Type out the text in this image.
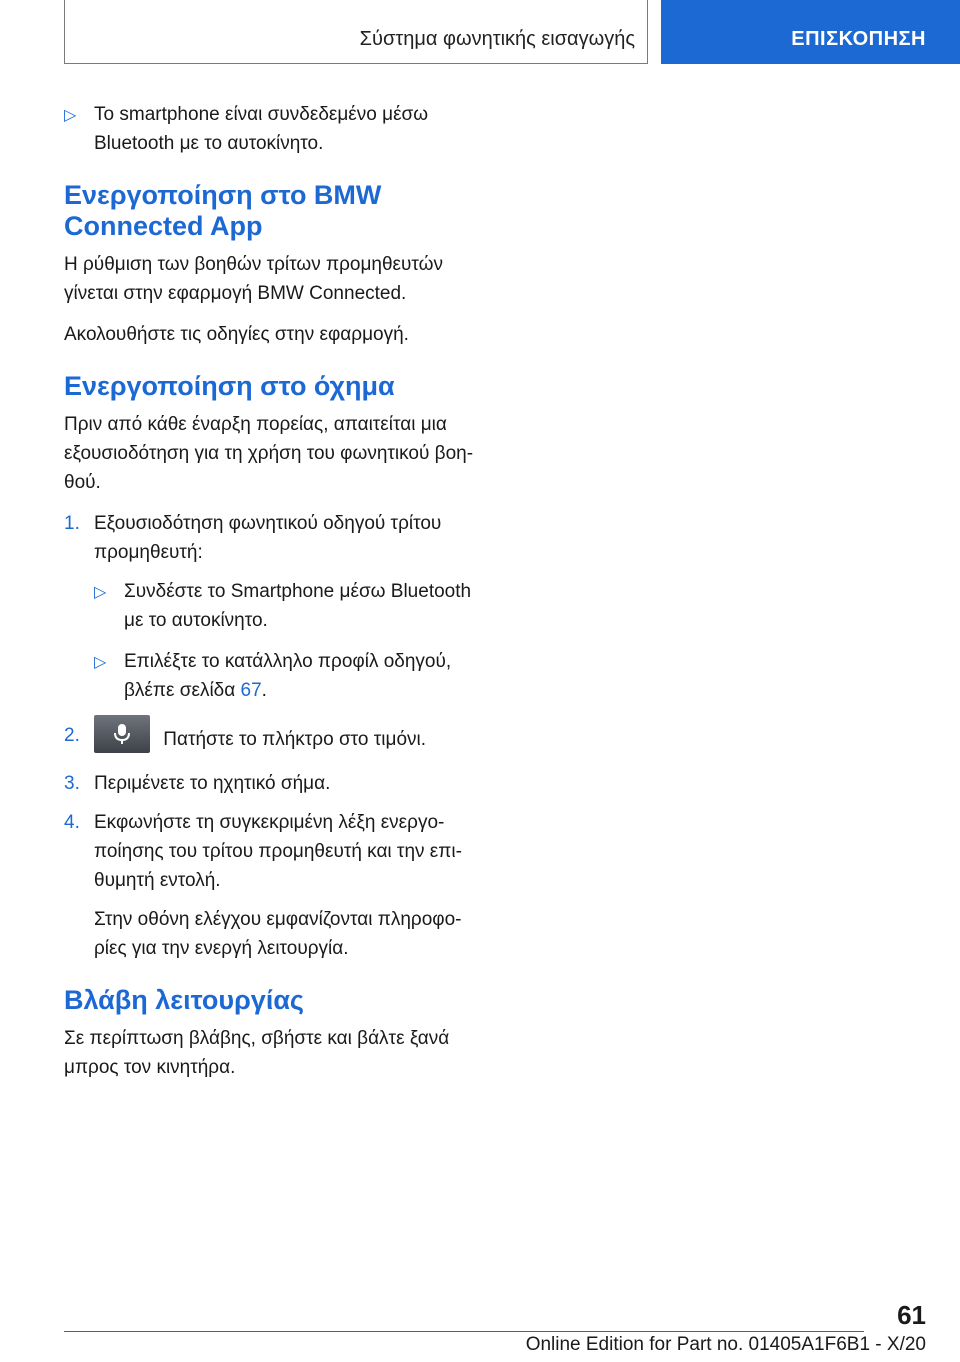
Σύστημα φωνητικής εισαγωγής	ΕΠΙΣΚΟΠΗΣΗ
▷ Το smartphone είναι συνδεδεμένο μέσω Bluetooth με το αυτοκίνητο.
Ενεργοποίηση στο BMW Connected App

Η ρύθμιση των βοηθών τρίτων προμηθευτών γίνεται στην εφαρμογή BMW Connected.

Ακολουθήστε τις οδηγίες στην εφαρμογή.

Ενεργοποίηση στο όχημα

Πριν από κάθε έναρξη πορείας, απαιτείται μια εξουσιοδότηση για τη χρήση του φωνητικού βοηθού.

1. Εξουσιοδότηση φωνητικού οδηγού τρίτου προμηθευτή:
▷ Συνδέστε το Smartphone μέσω Bluetooth με το αυτοκίνητο.
▷ Επιλέξτε το κατάλληλο προφίλ οδηγού, βλέπε σελίδα 67.
2.	Πατήστε το πλήκτρο στο τιμόνι.
3. Περιμένετε το ηχητικό σήμα.
4. Εκφωνήστε τη συγκεκριμένη λέξη ενεργοποίησης του τρίτου προμηθευτή και την επιθυμητή εντολή.
Στην οθόνη ελέγχου εμφανίζονται πληροφορίες για την ενεργή λειτουργία.
Βλάβη λειτουργίας

Σε περίπτωση βλάβης, σβήστε και βάλτε ξανά μπρος τον κινητήρα.

61
Online Edition for Part no. 01405A1F6B1 - X/20
